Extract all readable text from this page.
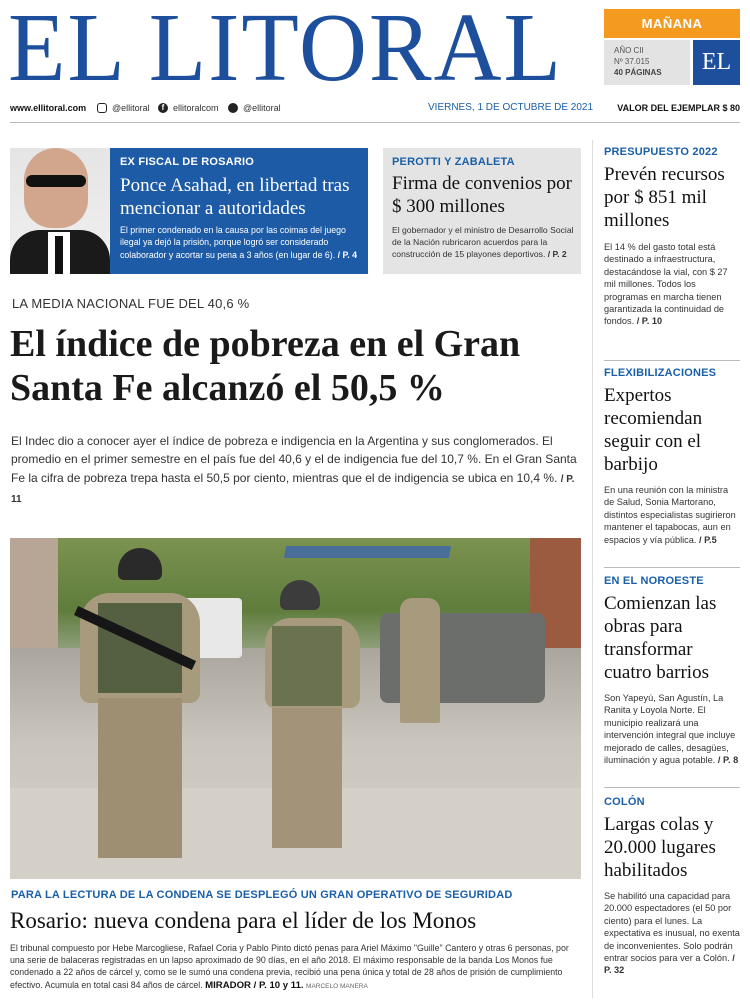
EL LITORAL	MAÑANA
AÑO CII
Nº 37.015
40 PÁGINAS	EL
www.ellitoral.com	@ellitoral	f ellitoralcom	@ellitoral	VIERNES, 1 DE OCTUBRE DE 2021	VALOR DEL EJEMPLAR $ 80
EX FISCAL DE ROSARIO
Ponce Asahad, en libertad tras mencionar a autoridades
El primer condenado en la causa por las coimas del juego ilegal ya dejó la prisión, porque logró ser considerado colaborador y acortar su pena a 3 años (en lugar de 6). / P. 4
PEROTTI Y ZABALETA
Firma de convenios por $ 300 millones
El gobernador y el ministro de Desarrollo Social de la Nación rubricaron acuerdos para la construcción de 15 playones deportivos. / P. 2
LA MEDIA NACIONAL FUE DEL 40,6 %
El índice de pobreza en el Gran
Santa Fe alcanzó el 50,5 %
El Indec dio a conocer ayer el índice de pobreza e indigencia en la Argentina y sus conglomerados. El promedio en el primer semestre en el país fue del 40,6 y el de indigencia fue del 10,7 %. En el Gran Santa Fe la cifra de pobreza trepa hasta el 50,5 por ciento, mientras que el de indigencia se ubica en 10,4 %. / P. 11
PARA LA LECTURA DE LA CONDENA SE DESPLEGÓ UN GRAN OPERATIVO DE SEGURIDAD
Rosario: nueva condena para el líder de los Monos
El tribunal compuesto por Hebe Marcogliese, Rafael Coria y Pablo Pinto dictó penas para Ariel Máximo "Guille" Cantero y otras 6 personas, por una serie de balaceras registradas en un lapso aproximado de 90 días, en el año 2018. El máximo responsable de la banda Los Monos fue condenado a 22 años de cárcel y, como se le sumó una condena previa, recibió una pena única y total de 28 años de prisión de cumplimiento efectivo. Acumula en total casi 84 años de cárcel. MIRADOR / P. 10 y 11. MARCELO MANERA
PRESUPUESTO 2022
Prevén recursos por $ 851 mil millones
El 14 % del gasto total está destinado a infraestructura, destacándose la vial, con $ 27 mil millones. Todos los programas en marcha tienen garantizada la continuidad de fondos. / P. 10
FLEXIBILIZACIONES
Expertos recomiendan seguir con el barbijo
En una reunión con la ministra de Salud, Sonia Martorano, distintos especialistas sugirieron mantener el tapabocas, aun en espacios y vía pública. / P.5
EN EL NOROESTE
Comienzan las obras para transformar cuatro barrios
Son Yapeyú, San Agustín, La Ranita y Loyola Norte. El municipio realizará una intervención integral que incluye mejorado de calles, desagües, iluminación y agua potable. / P. 8
COLÓN
Largas colas y 20.000 lugares habilitados
Se habilitó una capacidad para 20.000 espectadores (el 50 por ciento) para el lunes. La expectativa es inusual, no exenta de inconvenientes. Solo podrán entrar socios para ver a Colón. / P. 32
